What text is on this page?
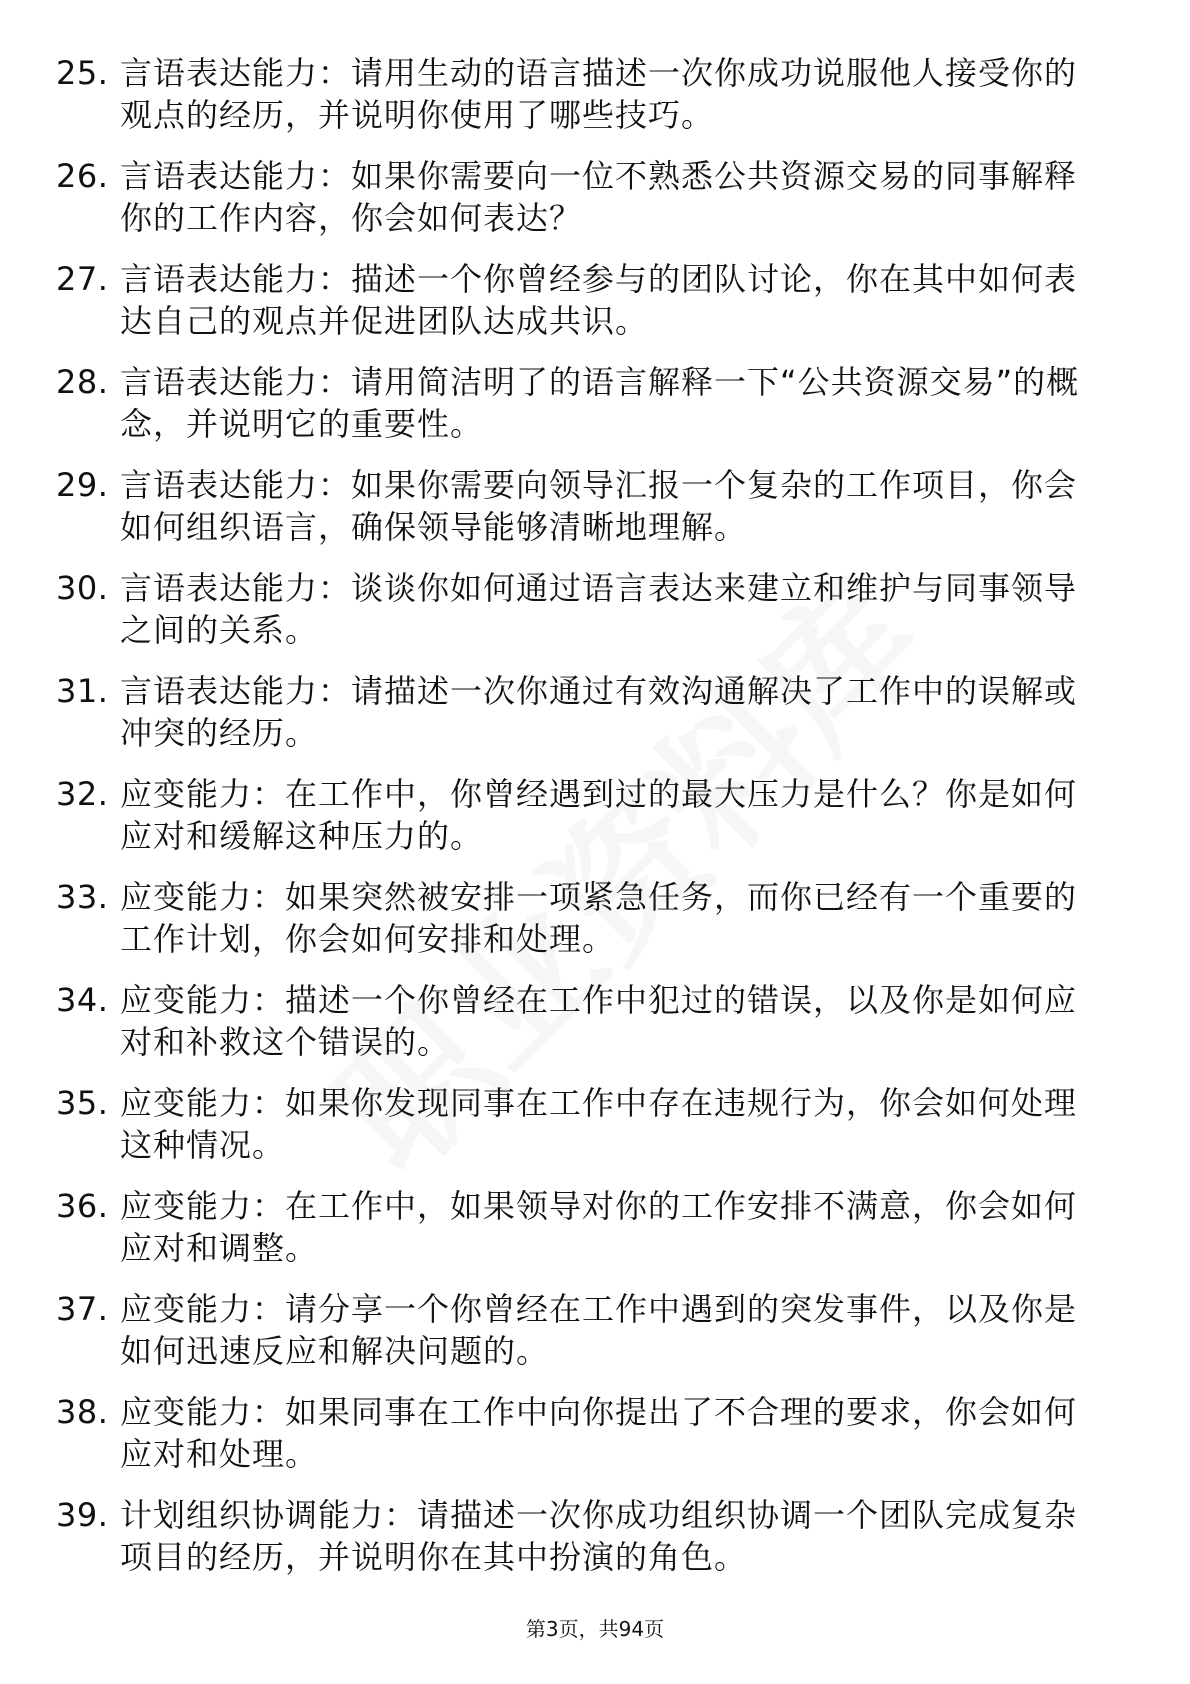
25. 言语表达能力：请用生动的语言描述一次你成功说服他人接受你的观点的经历，并说明你使用了哪些技巧。
26. 言语表达能力：如果你需要向一位不熟悉公共资源交易的同事解释你的工作内容，你会如何表达？
27. 言语表达能力：描述一个你曾经参与的团队讨论，你在其中如何表达自己的观点并促进团队达成共识。
28. 言语表达能力：请用简洁明了的语言解释一下“公共资源交易”的概念，并说明它的重要性。
29. 言语表达能力：如果你需要向领导汇报一个复杂的工作项目，你会如何组织语言，确保领导能够清晰地理解。
30. 言语表达能力：谈谈你如何通过语言表达来建立和维护与同事领导之间的关系。
31. 言语表达能力：请描述一次你通过有效沟通解决了工作中的误解或冲突的经历。
32. 应变能力：在工作中，你曾经遇到过的最大压力是什么？你是如何应对和缓解这种压力的。
33. 应变能力：如果突然被安排一项紧急任务，而你已经有一个重要的工作计划，你会如何安排和处理。
34. 应变能力：描述一个你曾经在工作中犯过的错误，以及你是如何应对和补救这个错误的。
35. 应变能力：如果你发现同事在工作中存在违规行为，你会如何处理这种情况。
36. 应变能力：在工作中，如果领导对你的工作安排不满意，你会如何应对和调整。
37. 应变能力：请分享一个你曾经在工作中遇到的突发事件，以及你是如何迅速反应和解决问题的。
38. 应变能力：如果同事在工作中向你提出了不合理的要求，你会如何应对和处理。
39. 计划组织协调能力：请描述一次你成功组织协调一个团队完成复杂项目的经历，并说明你在其中扮演的角色。
第3页，共94页
